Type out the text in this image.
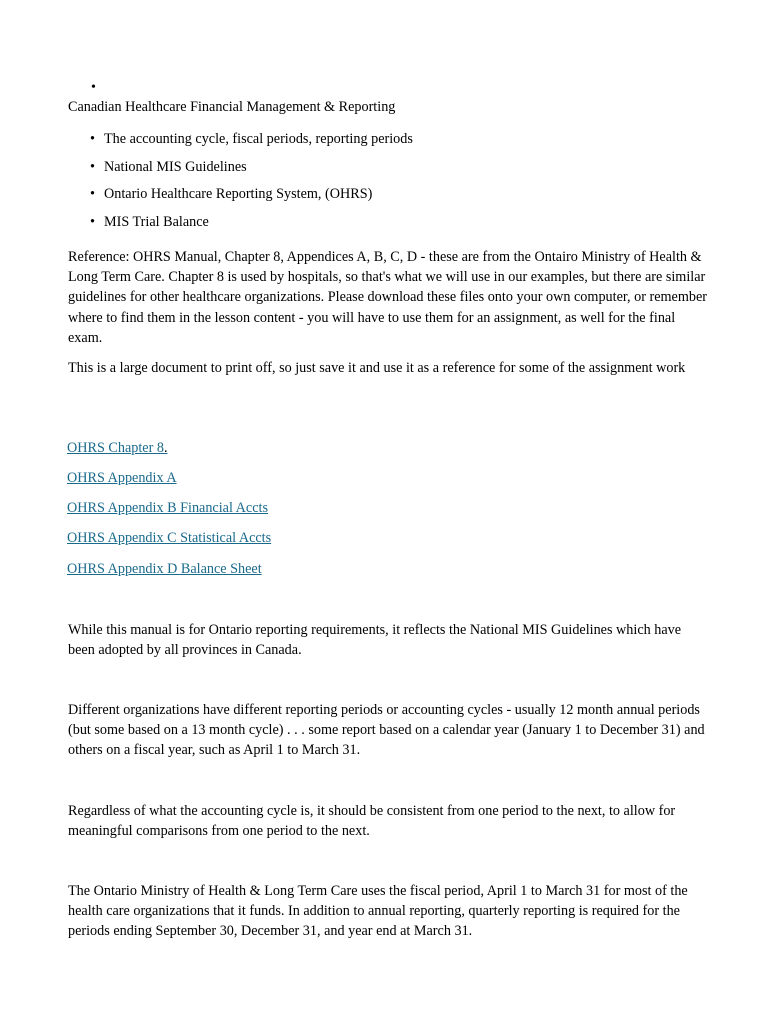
•
Canadian Healthcare Financial Management & Reporting
• The accounting cycle, fiscal periods, reporting periods
• National MIS Guidelines
• Ontario Healthcare Reporting System, (OHRS)
• MIS Trial Balance

Reference: OHRS Manual, Chapter 8, Appendices A, B, C, D - these are from the Ontairo Ministry of Health & Long Term Care. Chapter 8 is used by hospitals, so that's what we will use in our examples, but there are similar guidelines for other healthcare organizations. Please download these files onto your own computer, or remember where to find them in the lesson content - you will have to use them for an assignment, as well for the final exam.

This is a large document to print off, so just save it and use it as a reference for some of the assignment work

OHRS Chapter 8.
OHRS Appendix A
OHRS Appendix B Financial Accts
OHRS Appendix C Statistical Accts
OHRS Appendix D Balance Sheet

While this manual is for Ontario reporting requirements, it reflects the National MIS Guidelines which have been adopted by all provinces in Canada.

Different organizations have different reporting periods or accounting cycles - usually 12 month annual periods (but some based on a 13 month cycle) . . . some report based on a calendar year (January 1 to December 31) and others on a fiscal year, such as April 1 to March 31.

Regardless of what the accounting cycle is, it should be consistent from one period to the next, to allow for meaningful comparisons from one period to the next.

The Ontario Ministry of Health & Long Term Care uses the fiscal period, April 1 to March 31 for most of the health care organizations that it funds. In addition to annual reporting, quarterly reporting is required for the periods ending September 30, December 31, and year end at March 31.
